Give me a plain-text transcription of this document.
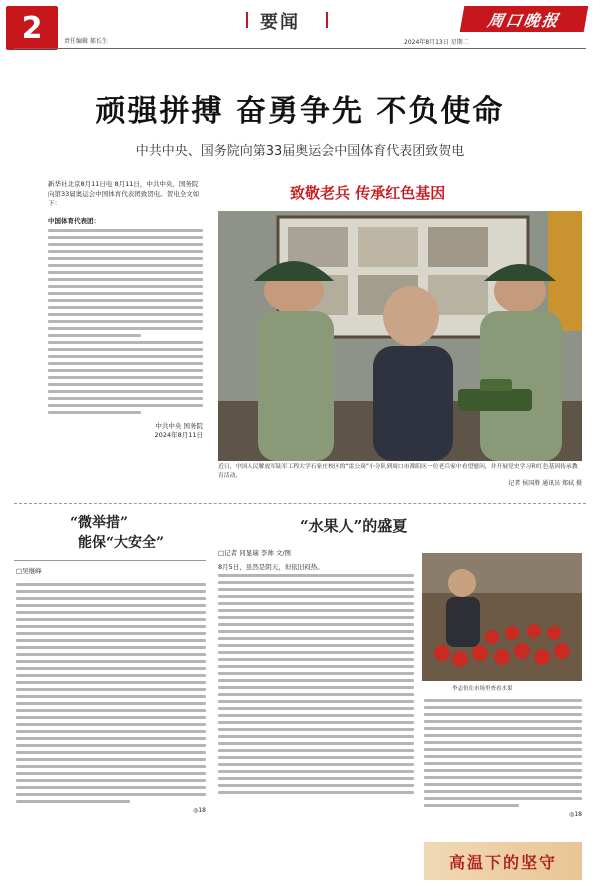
2	责任编辑 郝长生
要闻	周口晚报
2024年8月13日 星期二
顽强拼搏 奋勇争先 不负使命
中共中央、国务院向第33届奥运会中国体育代表团致贺电
新华社北京8月11日电 8月11日，中共中央、国务院向第33届奥运会中国体育代表团致贺电。贺电全文如下：
中国体育代表团：
中共中央 国务院
2024年8月11日
致敬老兵 传承红色基因
近日，中国人民解放军陆军工程大学石家庄校区的“雷公岗”小分队到周口市淮阳区一位老兵家中看望慰问，并开展党史学习和红色基因传承教育活动。
记者 侯国胜 通讯员 郑轼 摄
“微举措”
能保“大安全”
□吴继峰
◎18
“水果人”的盛夏
□记者 同显瑞 李帅 文/图
8月5日，虽然是阴天，但依旧闷热。
李志恒在市场里查看水果
◎18
高温下的坚守
